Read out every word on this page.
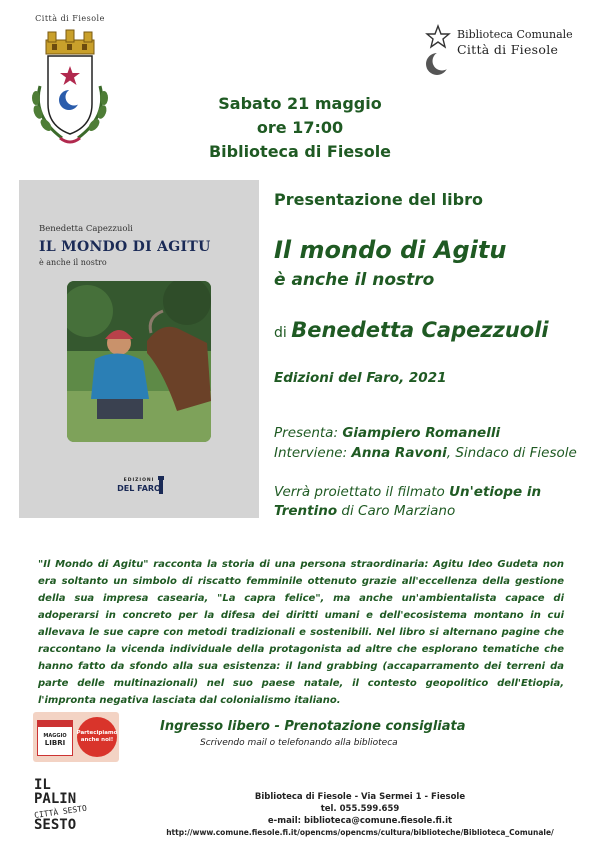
Città di Fiesole
Biblioteca Comunale
Città di Fiesole
Sabato 21 maggio
ore 17:00
Biblioteca di Fiesole
Benedetta Capezzuoli
IL MONDO DI AGITU
è anche il nostro
EDIZIONI
DEL FARO
Presentazione del libro
Il mondo di Agitu
è anche il nostro
di Benedetta Capezzuoli
Edizioni del Faro, 2021
Presenta: Giampiero Romanelli
Interviene: Anna Ravoni, Sindaco di Fiesole
Verrà proiettato il filmato Un'etiope in
Trentino di Caro Marziano
"Il Mondo di Agitu" racconta la storia di una persona straordinaria: Agitu Ideo Gudeta non era soltanto un simbolo di riscatto femminile ottenuto grazie all'eccellenza della gestione della sua impresa casearia, "La capra felice", ma anche un'ambientalista capace di adoperarsi in concreto per la difesa dei diritti umani e dell'ecosistema montano in cui allevava le sue capre con metodi tradizionali e sostenibili. Nel libro si alternano pagine che raccontano la vicenda individuale della protagonista ad altre che esplorano tematiche che hanno fatto da sfondo alla sua esistenza: il land grabbing (accaparramento dei terreni da parte delle multinazionali) nel suo paese natale, il contesto geopolitico dell'Etiopia, l'impronta negativa lasciata dal colonialismo italiano.
MAGGIO
LIBRI
Partecipiamo anche noi!
Ingresso libero - Prenotazione consigliata
Scrivendo mail o telefonando alla biblioteca
IL PALIN
CITTÀ SESTO
SESTO
Biblioteca di Fiesole - Via Sermei 1 - Fiesole
tel. 055.599.659
e-mail: biblioteca@comune.fiesole.fi.it
http://www.comune.fiesole.fi.it/opencms/opencms/cultura/biblioteche/Biblioteca_Comunale/
